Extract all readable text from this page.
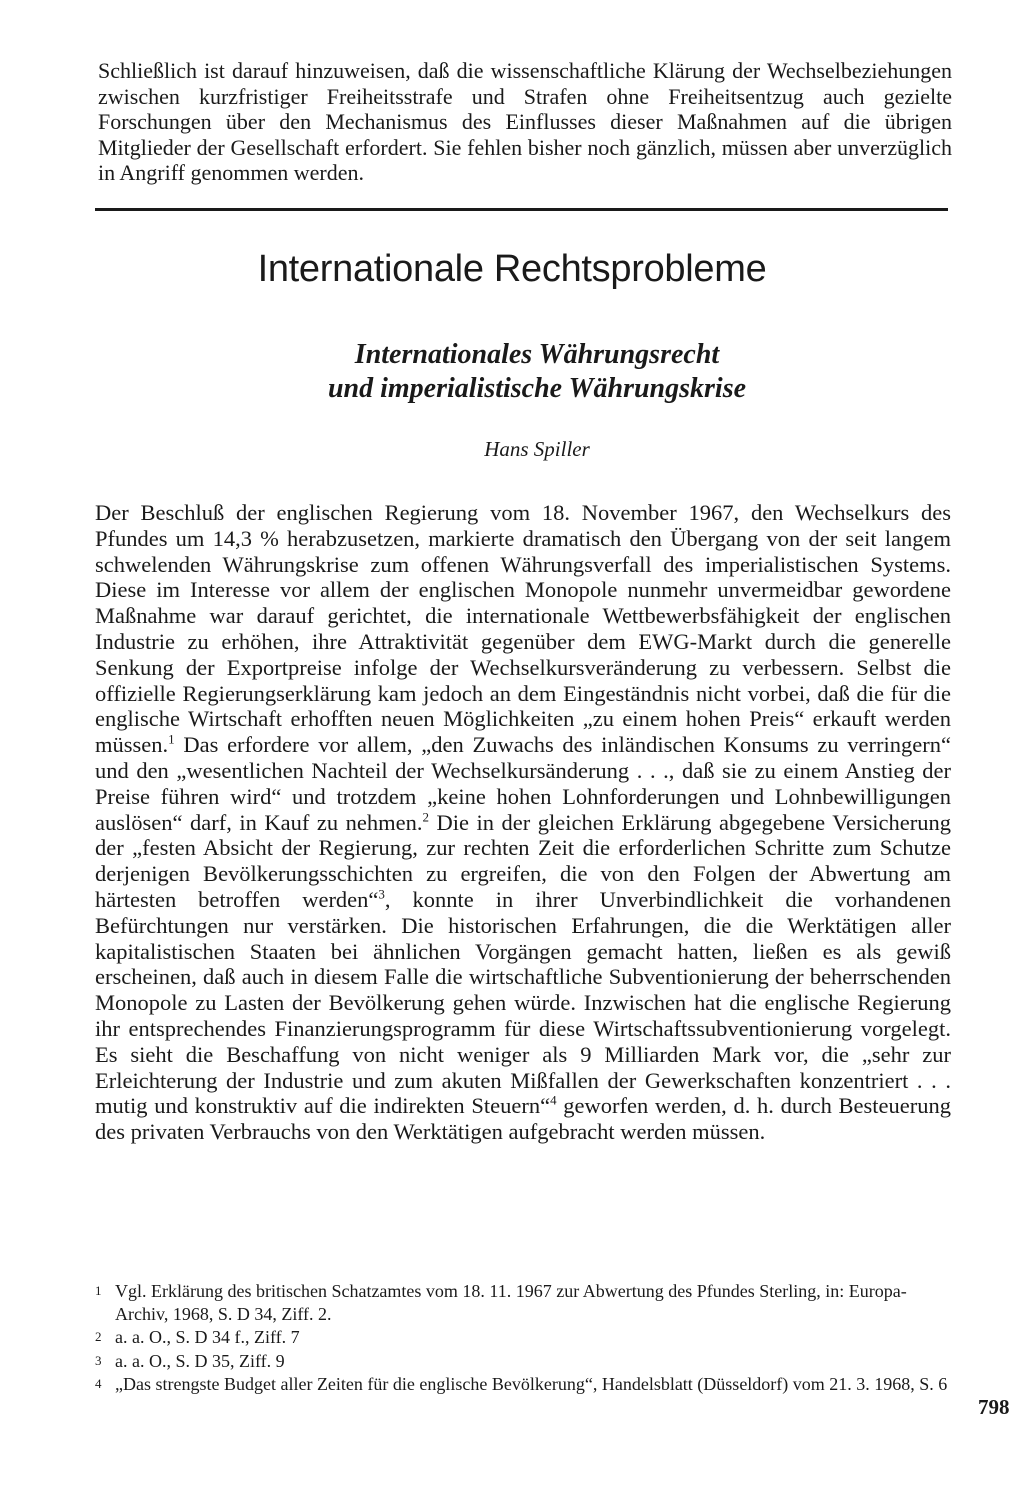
Schließlich ist darauf hinzuweisen, daß die wissenschaftliche Klärung der Wechselbeziehungen zwischen kurzfristiger Freiheitsstrafe und Strafen ohne Freiheitsentzug auch gezielte Forschungen über den Mechanismus des Einflusses dieser Maßnahmen auf die übrigen Mitglieder der Gesellschaft erfordert. Sie fehlen bisher noch gänzlich, müssen aber unverzüglich in Angriff genommen werden.

Internationale Rechtsprobleme
Internationales Währungsrecht
und imperialistische Währungskrise
Hans Spiller

Der Beschluß der englischen Regierung vom 18. November 1967, den Wechselkurs des Pfundes um 14,3 % herabzusetzen, markierte dramatisch den Übergang von der seit langem schwelenden Währungskrise zum offenen Währungsverfall des imperialistischen Systems. Diese im Interesse vor allem der englischen Monopole nunmehr unvermeidbar gewordene Maßnahme war darauf gerichtet, die internationale Wettbewerbsfähigkeit der englischen Industrie zu erhöhen, ihre Attraktivität gegenüber dem EWG-Markt durch die generelle Senkung der Exportpreise infolge der Wechselkursveränderung zu verbessern. Selbst die offizielle Regierungserklärung kam jedoch an dem Eingeständnis nicht vorbei, daß die für die englische Wirtschaft erhofften neuen Möglichkeiten „zu einem hohen Preis“ erkauft werden müssen.$^1$ Das erfordere vor allem, „den Zuwachs des inländischen Konsums zu verringern“ und den „wesentlichen Nachteil der Wechselkursänderung . . ., daß sie zu einem Anstieg der Preise führen wird“ und trotzdem „keine hohen Lohnforderungen und Lohnbewilligungen auslösen“ darf, in Kauf zu nehmen.$^2$ Die in der gleichen Erklärung abgegebene Versicherung der „festen Absicht der Regierung, zur rechten Zeit die erforderlichen Schritte zum Schutze derjenigen Bevölkerungsschichten zu ergreifen, die von den Folgen der Abwertung am härtesten betroffen werden“$^3$, konnte in ihrer Unverbindlichkeit die vorhandenen Befürchtungen nur verstärken. Die historischen Erfahrungen, die die Werktätigen aller kapitalistischen Staaten bei ähnlichen Vorgängen gemacht hatten, ließen es als gewiß erscheinen, daß auch in diesem Falle die wirtschaftliche Subventionierung der beherrschenden Monopole zu Lasten der Bevölkerung gehen würde. Inzwischen hat die englische Regierung ihr entsprechendes Finanzierungsprogramm für diese Wirtschaftssubventionierung vorgelegt. Es sieht die Beschaffung von nicht weniger als 9 Milliarden Mark vor, die „sehr zur Erleichterung der Industrie und zum akuten Mißfallen der Gewerkschaften konzentriert . . . mutig und konstruktiv auf die indirekten Steuern“$^4$ geworfen werden, d. h. durch Besteuerung des privaten Verbrauchs von den Werktätigen aufgebracht werden müssen.

1 Vgl. Erklärung des britischen Schatzamtes vom 18. 11. 1967 zur Abwertung des Pfundes Sterling, in: Europa-Archiv, 1968, S. D 34, Ziff. 2.
2 a. a. O., S. D 34 f., Ziff. 7
3 a. a. O., S. D 35, Ziff. 9
4 „Das strengste Budget aller Zeiten für die englische Bevölkerung“, Handelsblatt (Düsseldorf) vom 21. 3. 1968, S. 6
798
